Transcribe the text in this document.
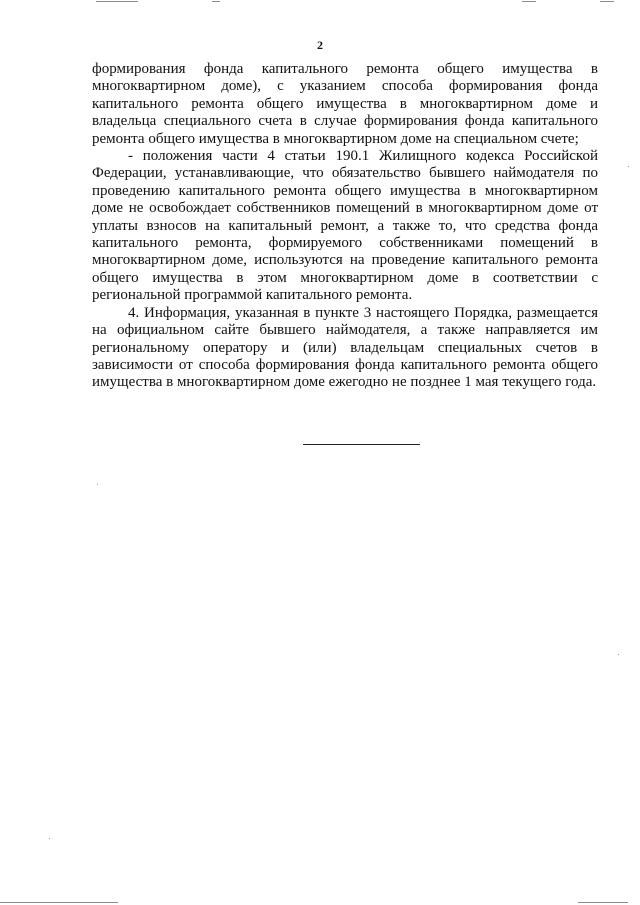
2

формирования фонда капитального ремонта общего имущества в многоквартирном доме), с указанием способа формирования фонда капитального ремонта общего имущества в многоквартирном доме и владельца специального счета в случае формирования фонда капитального ремонта общего имущества в многоквартирном доме на специальном счете;

- положения части 4 статьи 190.1 Жилищного кодекса Российской Федерации, устанавливающие, что обязательство бывшего наймодателя по проведению капитального ремонта общего имущества в многоквартирном доме не освобождает собственников помещений в многоквартирном доме от уплаты взносов на капитальный ремонт, а также то, что средства фонда капитального ремонта, формируемого собственниками помещений в многоквартирном доме, используются на проведение капитального ремонта общего имущества в этом многоквартирном доме в соответствии с региональной программой капитального ремонта.

4. Информация, указанная в пункте 3 настоящего Порядка, размещается на официальном сайте бывшего наймодателя, а также направляется им региональному оператору и (или) владельцам специальных счетов в зависимости от способа формирования фонда капитального ремонта общего имущества в многоквартирном доме ежегодно не позднее 1 мая текущего года.
